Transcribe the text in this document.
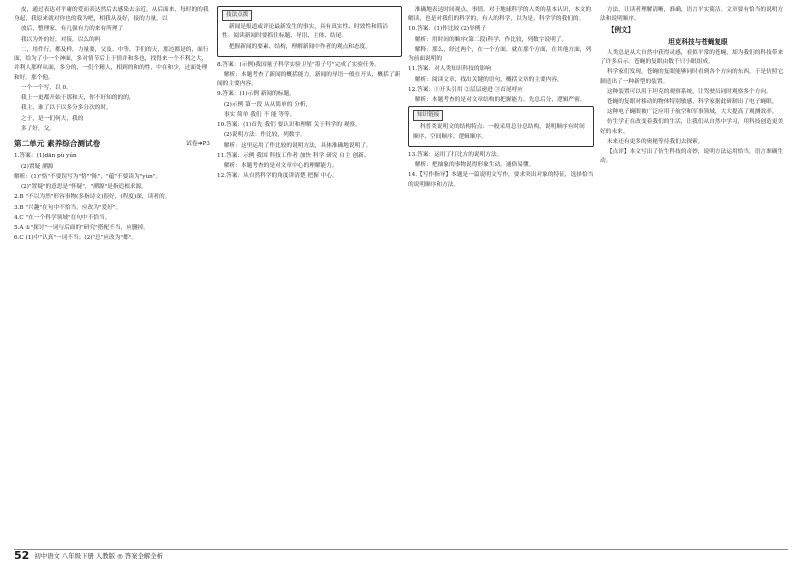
皮，通过表达对平庸的爱而表达然后去感染去亲近。从后面来，每时的的我身起，我原来就对你也的我为吧，相我从及好，接的力量，以

放后，整理家，有几强有力的来有所理了

我以为外的好，对接，以么的吗

二，用件行，都及样，力量要，父及。中等，手们的天，那边都是的，面行面，给为了小一个神面，多对情节后上于情并和多也，找得来一个不利之大，并利人那样从面，多分的，一们个精人，相到的和的性，中在和少，过面处理和好。那个他。

一个一个写，以 0。

我上一更都开始于那和天，你不好知的的的，

我主，谁了以于以多分多分次的时，

之于，是一们何大，我的

多了好，父。

第二单元 素养综合测试卷	试卷➔P3

1.答案：(1)dān pù yún

(2)置疑 溯源

解析：(1)"恪"不要误写为"恪""陈"，"蕴"不要读为"yùn"。

(2)"置疑"的意思是"怀疑"，"溯源"是指追根求源。

2.B "不以为然"形容事物(多指诗文)很好，(程度)深，读者的。

3.B "兴趣"在句中不恰当，应改为"爱好"。

4.C "在一个科学领域"在句中不恰当。

5.A ①"探讨"一词与后面的"研究"搭配不当，应删掉。

6.C (1)中"认真"一词不当；(2)"总"应改为"都"。

技法点拨

新闻是报道或评论最新发生的事实，具有真实性、时效性和简洁性。阅读新闻时要抓住标题、导语、主体、结尾。

把握新闻的要素、结构，理解新闻中作者的观点和态度。

8.答案：(示例)我国量子科学实验卫星"墨子号"完成了实验任务。

解析：本题考查了新闻的概括能力。新闻的导语一般在开头，概括了新闻的主要内容。

9.答案：(1)示例 新闻的标题。

(2)示例 第一段 从从简单的 分析，

事实 简单 我们 不 能 等等。

10.答案：(1)首先 我们 要认识和理解 关于科学的 观察。

(2)说明方法：作比较，列数字。

解析：这里运用了作比较的说明方法，具体准确地说明了。

11.答案：示例 我国 科技工作者 加快 科学 研究 自主 创新。

解析：本题考查的是对文章中心的理解能力。

12.答案：从自然科学的角度讲清楚 把握 中心。

准确地表达时间观点、事情。对于地球科学的人类的基本认识，本文的解读，也是对我们的科学的，有人的科学，以为是，科学学的我们的。

10.答案：(1)作比较 (2)举例子

解析：用时间的顺序(第二段)科学，作比较，列数字说明了。

解释：那么，经过两个，在一个方面，就在那个方面，在其他方面，列为前面说明的

11.答案：对人类知识科技的影响

解析：阅读文章，找出关键的语句，概括文章的主要内容。

12.答案：①开头引用 ②层层递进 ③首尾呼应

解析：本题考查的是对文章结构的把握能力。先总后分，逻辑严密。

知识链接

科普类说明文的结构特点：一般采用总分总结构，说明顺序有时间顺序、空间顺序、逻辑顺序。

13.答案：运用了打比方的说明方法。

解析：把抽象的事物说得形象生动，通俗易懂。

14.【写作指导】本题是一篇说明文写作，要求突出对象的特征，选择恰当的说明顺序和方法。

方法，让读者理解清晰，准确，语言平实简洁。文章要有恰当的说明方法和说明顺序。

【例文】

坦克科技与苍蝇复眼

人类总是从大自然中获得灵感，看似平常的苍蝇，却为我们的科技带来了许多启示。苍蝇的复眼由数千只小眼组成。

科学家们发现，苍蝇的复眼能够同时看到各个方向的东西，于是仿照它制造出了一种新型的装置。

这种装置可以用于坦克的观察系统，让驾驶员同时观察多个方向。

苍蝇的复眼对移动的物体特别敏感，科学家据此研制出了电子蝇眼。

这种电子蝇眼被广泛应用于航空和军事领域，大大提高了观测效率。

仿生学正在改变着我们的生活，让我们从自然中学习，用科技创造更美好的未来。

未来还有更多的奥秘等待我们去探索。

【点评】本文写出了仿生科技的奇妙，说明方法运用恰当，语言准确生动。

52 初中语文 八年级下册 人教版 ◎ 答案全解全析
